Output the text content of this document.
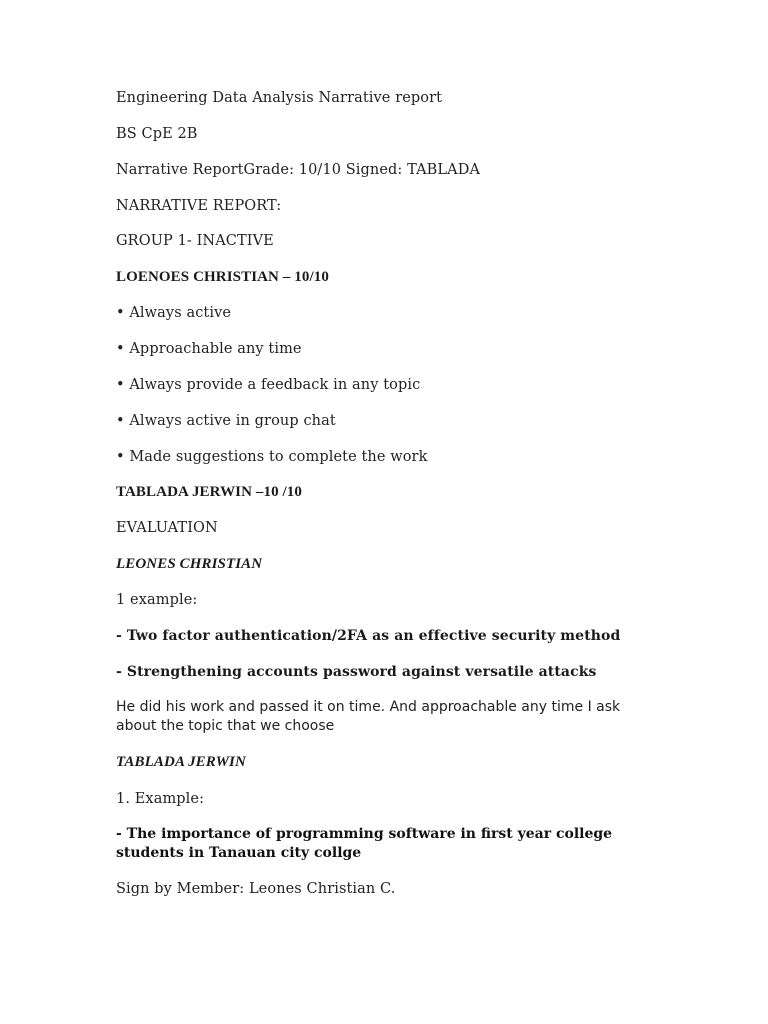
Engineering Data Analysis Narrative report
BS CpE 2B
Narrative ReportGrade: 10/10 Signed: TABLADA
NARRATIVE REPORT:
GROUP 1- INACTIVE
LOENOES CHRISTIAN – 10/10
• Always active
• Approachable any time
• Always provide a feedback in any topic
• Always active in group chat
• Made suggestions to complete the work
TABLADA JERWIN –10 /10
EVALUATION
LEONES CHRISTIAN
1 example:
- Two factor authentication/2FA as an effective security method
- Strengthening accounts password against versatile attacks
He did his work and passed it on time. And approachable any time I ask about the topic that we choose
TABLADA JERWIN
1. Example:
- The importance of programming software in first year college students in Tanauan city collge
Sign by Member: Leones Christian C.
